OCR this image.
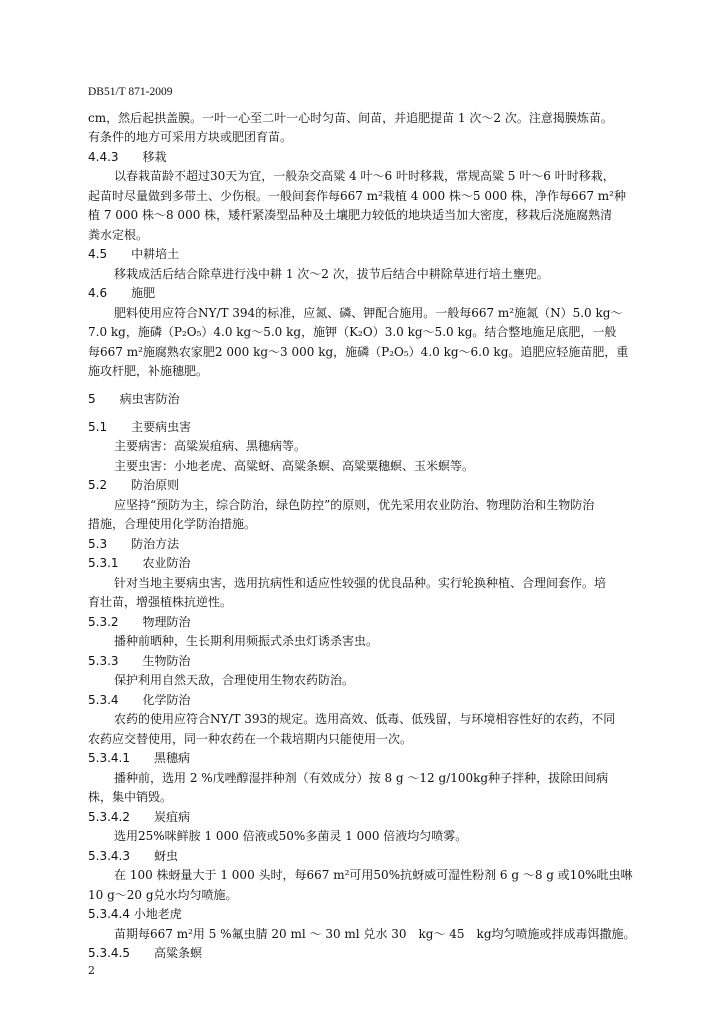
DB51/T 871-2009
cm，然后起拱盖膜。一叶一心至二叶一心时匀苗、间苗，并追肥提苗 1 次～2 次。注意揭膜炼苗。
有条件的地方可采用方块或肥团育苗。
4.4.3　　移栽
以春栽苗龄不超过30天为宜，一般杂交高粱 4 叶～6 叶时移栽，常规高粱 5 叶～6 叶时移栽，
起苗时尽量做到多带土、少伤根。一般间套作每667 m²栽植 4 000 株～5 000 株，净作每667 m²种
植 7 000 株～8 000 株，矮杆紧凑型品种及土壤肥力较低的地块适当加大密度，移栽后浇施腐熟清
粪水定根。
4.5　　中耕培土
移栽成活后结合除草进行浅中耕 1 次～2 次，拔节后结合中耕除草进行培土壅兜。
4.6　　施肥
肥料使用应符合NY/T 394的标准，应氮、磷、钾配合施用。一般每667 m²施氮（N）5.0 kg～
7.0 kg，施磷（P₂O₅）4.0 kg～5.0 kg，施钾（K₂O）3.0 kg～5.0 kg。结合整地施足底肥，一般
每667 m²施腐熟农家肥2 000 kg～3 000 kg，施磷（P₂O₅）4.0 kg～6.0 kg。追肥应轻施苗肥，重
施攻杆肥，补施穗肥。
5　　病虫害防治
5.1　　主要病虫害
主要病害：高粱炭疽病、黑穗病等。
主要虫害：小地老虎、高粱蚜、高粱条螟、高粱粟穗螟、玉米螟等。
5.2　　防治原则
应坚持“预防为主，综合防治，绿色防控”的原则，优先采用农业防治、物理防治和生物防治
措施，合理使用化学防治措施。
5.3　　防治方法
5.3.1　　农业防治
针对当地主要病虫害，选用抗病性和适应性较强的优良品种。实行轮换种植、合理间套作。培
育壮苗，增强植株抗逆性。
5.3.2　　物理防治
播种前晒种，生长期利用频振式杀虫灯诱杀害虫。
5.3.3　　生物防治
保护利用自然天敌，合理使用生物农药防治。
5.3.4　　化学防治
农药的使用应符合NY/T 393的规定。选用高效、低毒、低残留，与环境相容性好的农药，不同
农药应交替使用，同一种农药在一个栽培期内只能使用一次。
5.3.4.1　　黑穗病
播种前，选用 2 %戊唑醇湿拌种剂（有效成分）按 8 g ～12 g/100kg种子拌种，拔除田间病
株，集中销毁。
5.3.4.2　　炭疽病
选用25%咪鲜胺 1 000 倍液或50%多菌灵 1 000 倍液均匀喷雾。
5.3.4.3　　蚜虫
在 100 株蚜量大于 1 000 头时，每667 m²可用50%抗蚜威可湿性粉剂 6 g ～8 g 或10%吡虫啉
10 g～20 g兑水均匀喷施。
5.3.4.4 小地老虎
苗期每667 m²用 5 %氟虫腈 20 ml ～ 30 ml 兑水 30　kg～ 45　kg均匀喷施或拌成毒饵撒施。
5.3.4.5　　高粱条螟
2
